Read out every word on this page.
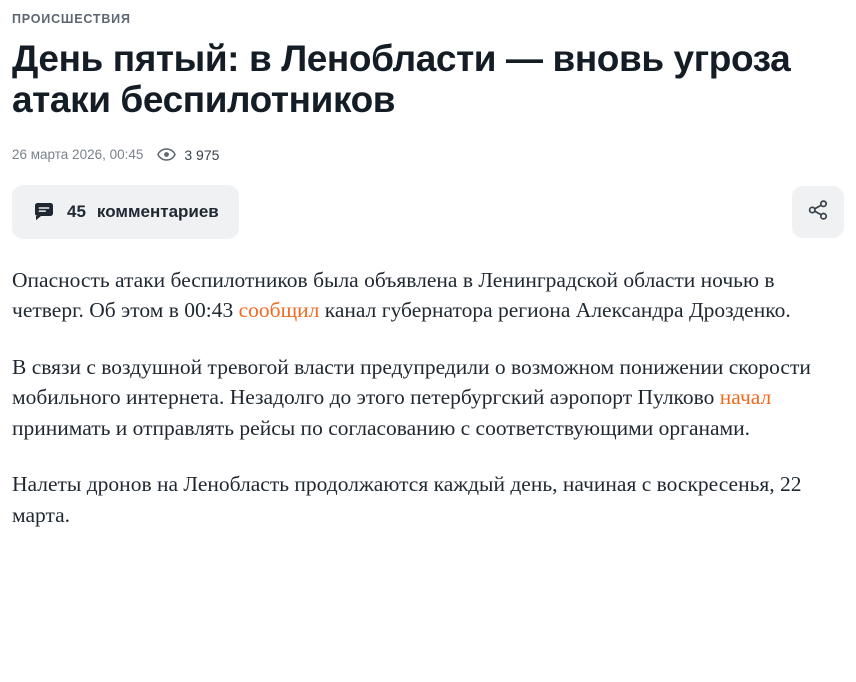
ПРОИСШЕСТВИЯ
День пятый: в Ленобласти — вновь угроза атаки беспилотников
26 марта 2026, 00:45	3 975
45 комментариев

Опасность атаки беспилотников была объявлена в Ленинградской области ночью в четверг. Об этом в 00:43 сообщил канал губернатора региона Александра Дрозденко.

В связи с воздушной тревогой власти предупредили о возможном понижении скорости мобильного интернета. Незадолго до этого петербургский аэропорт Пулково начал принимать и отправлять рейсы по согласованию с соответствующими органами.

Налеты дронов на Ленобласть продолжаются каждый день, начиная с воскресенья, 22 марта.
